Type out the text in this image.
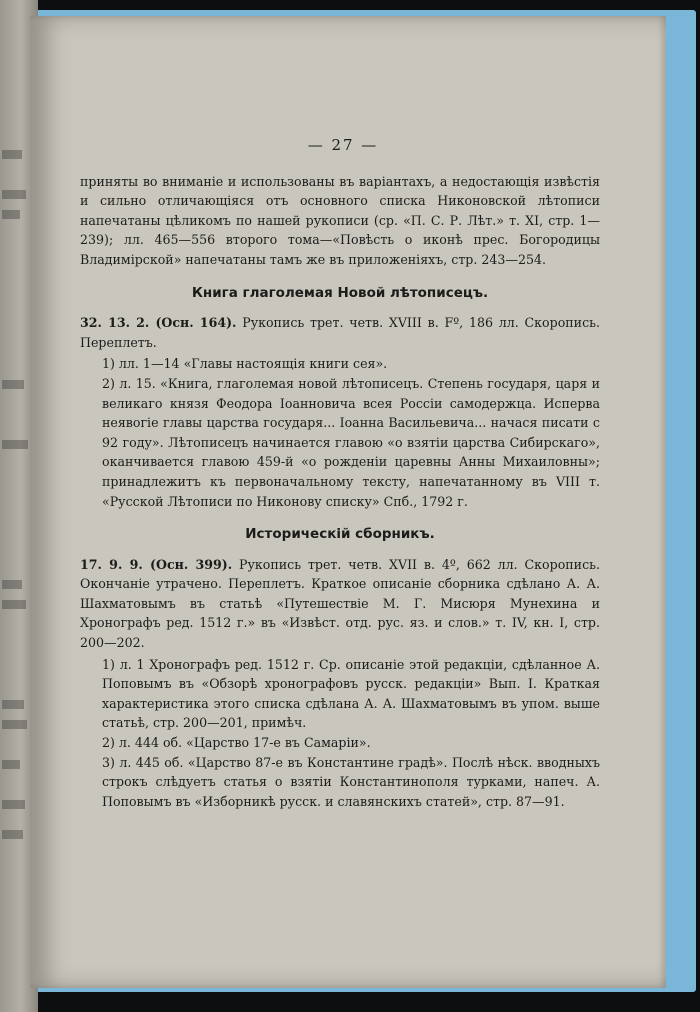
— 27 —

приняты во вниманіе и использованы въ варіантахъ, а недостающія извѣстія и сильно отличающіяся отъ основного списка Никоновской лѣтописи напечатаны цѣликомъ по нашей рукописи (ср. «П. С. Р. Лѣт.» т. XI, стр. 1—239); лл. 465—556 второго тома—«Повѣсть о иконѣ прес. Богородицы Владимірской» напечатаны тамъ же въ приложеніяхъ, стр. 243—254.

Книга глаголемая Новой лѣтописецъ.

32. 13. 2. (Осн. 164). Рукопись трет. четв. XVIII в. Fº, 186 лл. Скоропись. Переплетъ.

1) лл. 1—14 «Главы настоящія книги сея».

2) л. 15. «Книга, глаголемая новой лѣтописецъ. Степень государя, царя и великаго князя Феодора Іоанновича всея Россіи самодержца. Исперва неявогіе главы царства государя... Іоанна Васильевича... начася писати с 92 году». Лѣтописецъ начинается главою «о взятіи царства Сибирскаго», оканчивается главою 459-й «о рожденіи царевны Анны Михаиловны»; принадлежитъ къ первоначальному тексту, напечатанному въ VIII т. «Русской Лѣтописи по Никонову списку» Спб., 1792 г.

Историческій сборникъ.

17. 9. 9. (Осн. 399). Рукопись трет. четв. XVII в. 4º, 662 лл. Скоропись. Окончаніе утрачено. Переплетъ. Краткое описаніе сборника сдѣлано А. А. Шахматовымъ въ статьѣ «Путешествіе М. Г. Мисюря Мунехина и Хронографъ ред. 1512 г.» въ «Извѣст. отд. рус. яз. и слов.» т. IV, кн. I, стр. 200—202.

1) л. 1 Хронографъ ред. 1512 г. Ср. описаніе этой редакціи, сдѣланное А. Поповымъ въ «Обзорѣ хронографовъ русск. редакціи» Вып. I. Краткая характеристика этого списка сдѣлана А. А. Шахматовымъ въ упом. выше статьѣ, стр. 200—201, примѣч.

2) л. 444 об. «Царство 17-е въ Самаріи».

3) л. 445 об. «Царство 87-е въ Константине градѣ». Послѣ нѣск. вводныхъ строкъ слѣдуетъ статья о взятіи Константинополя турками, напеч. А. Поповымъ въ «Изборникѣ русск. и славянскихъ статей», стр. 87—91.
